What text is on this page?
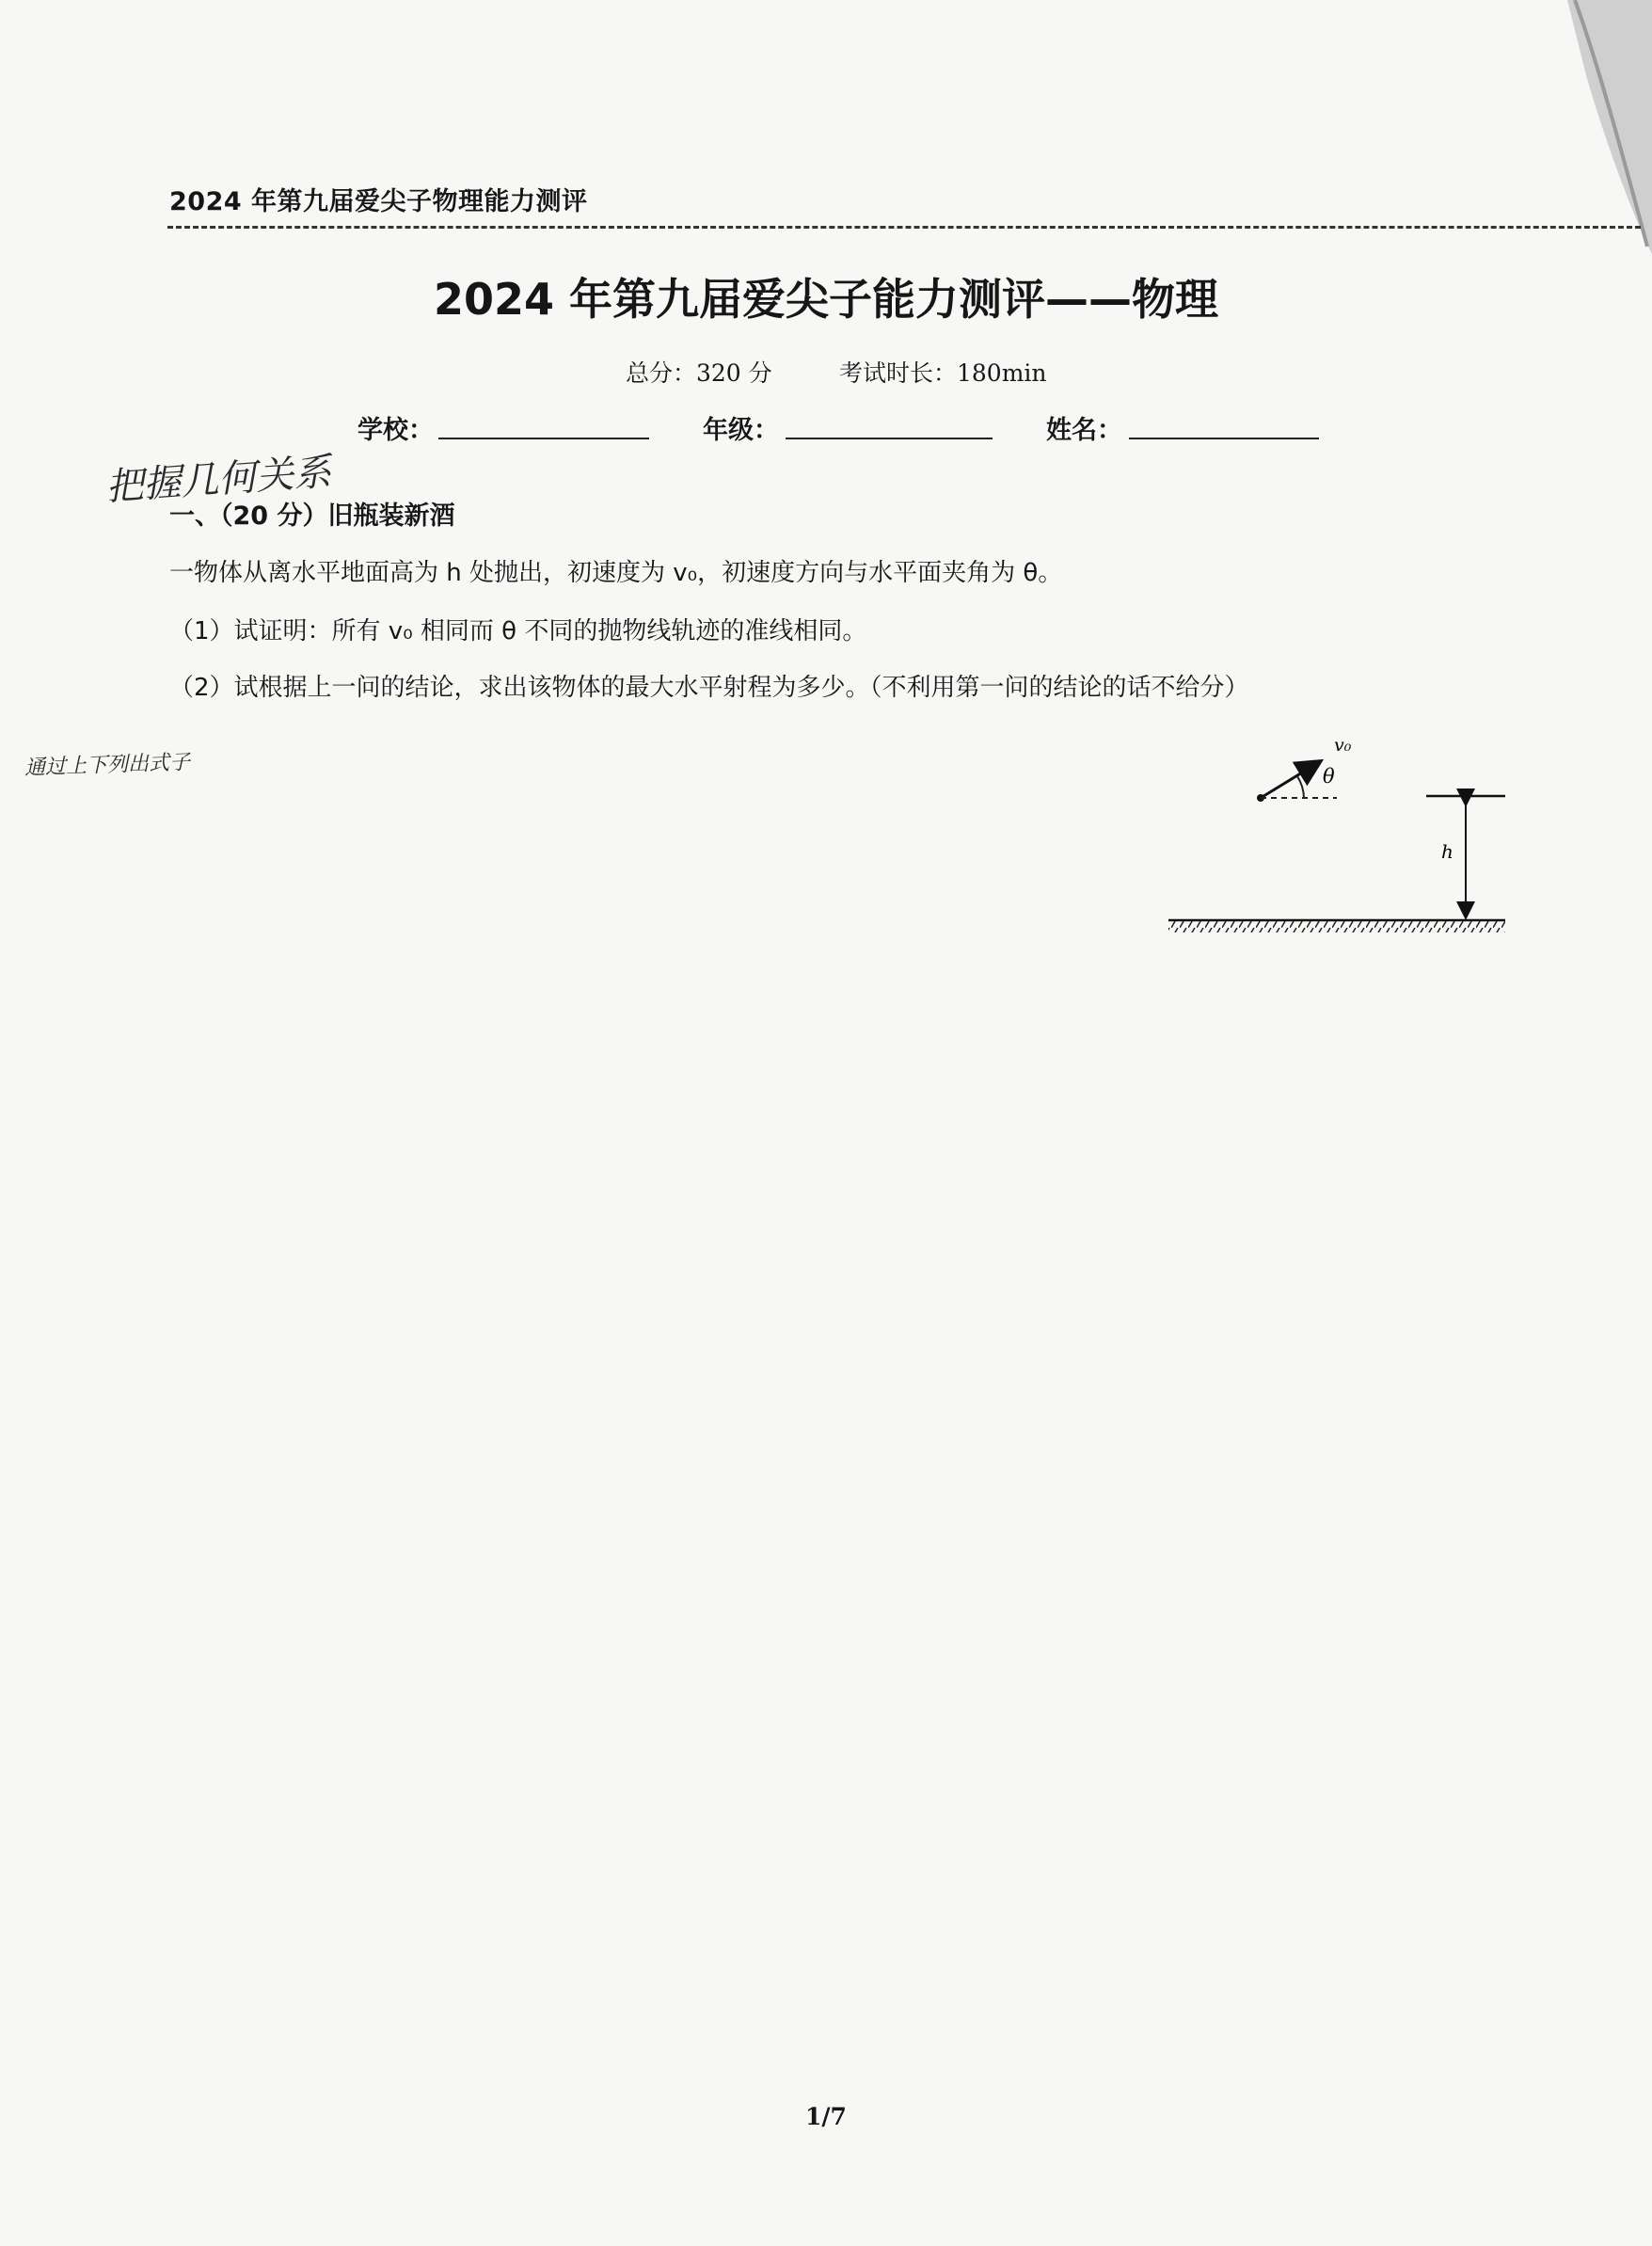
2024 年第九届爱尖子物理能力测评
2024 年第九届爱尖子能力测评——物理
总分：320 分	考试时长：180min
学校：	年级：	姓名：
把握几何关系
通过上下列出式子
一、（20 分）旧瓶装新酒
一物体从离水平地面高为 h 处抛出，初速度为 v₀，初速度方向与水平面夹角为 θ。
（1）试证明：所有 v₀ 相同而 θ 不同的抛物线轨迹的准线相同。
（2）试根据上一问的结论，求出该物体的最大水平射程为多少。（不利用第一问的结论的话不给分）
v₀
θ
h
1/7
